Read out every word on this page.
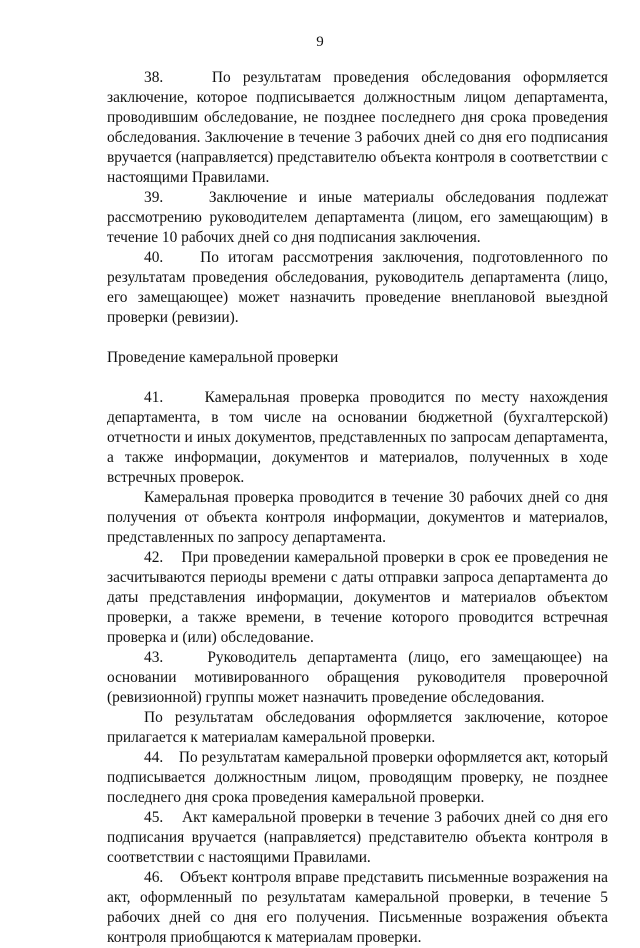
9

38.    По результатам проведения обследования оформляется заключение, которое подписывается должностным лицом департамента, проводившим обследование, не позднее последнего дня срока проведения обследования. Заключение в течение 3 рабочих дней со дня его подписания вручается (направляется) представителю объекта контроля в соответствии с настоящими Правилами.

39.    Заключение и иные материалы обследования подлежат рассмотрению руководителем департамента (лицом, его замещающим) в течение 10 рабочих дней со дня подписания заключения.

40.    По итогам рассмотрения заключения, подготовленного по результатам проведения обследования, руководитель департамента (лицо, его замещающее) может назначить проведение внеплановой выездной проверки (ревизии).

Проведение камеральной проверки

41.    Камеральная проверка проводится по месту нахождения департамента, в том числе на основании бюджетной (бухгалтерской) отчетности и иных документов, представленных по запросам департамента, а также информации, документов и материалов, полученных в ходе встречных проверок.

Камеральная проверка проводится в течение 30 рабочих дней со дня получения от объекта контроля информации, документов и материалов, представленных по запросу департамента.

42.    При проведении камеральной проверки в срок ее проведения не засчитываются периоды времени с даты отправки запроса департамента до даты представления информации, документов и материалов объектом проверки, а также времени, в течение которого проводится встречная проверка и (или) обследование.

43.    Руководитель департамента (лицо, его замещающее) на основании мотивированного обращения руководителя проверочной (ревизионной) группы может назначить проведение обследования.

По результатам обследования оформляется заключение, которое прилагается к материалам камеральной проверки.

44.    По результатам камеральной проверки оформляется акт, который подписывается должностным лицом, проводящим проверку, не позднее последнего дня срока проведения камеральной проверки.

45.    Акт камеральной проверки в течение 3 рабочих дней со дня его подписания вручается (направляется) представителю объекта контроля в соответствии с настоящими Правилами.

46.    Объект контроля вправе представить письменные возражения на акт, оформленный по результатам камеральной проверки, в течение 5 рабочих дней со дня его получения. Письменные возражения объекта контроля приобщаются к материалам проверки.
